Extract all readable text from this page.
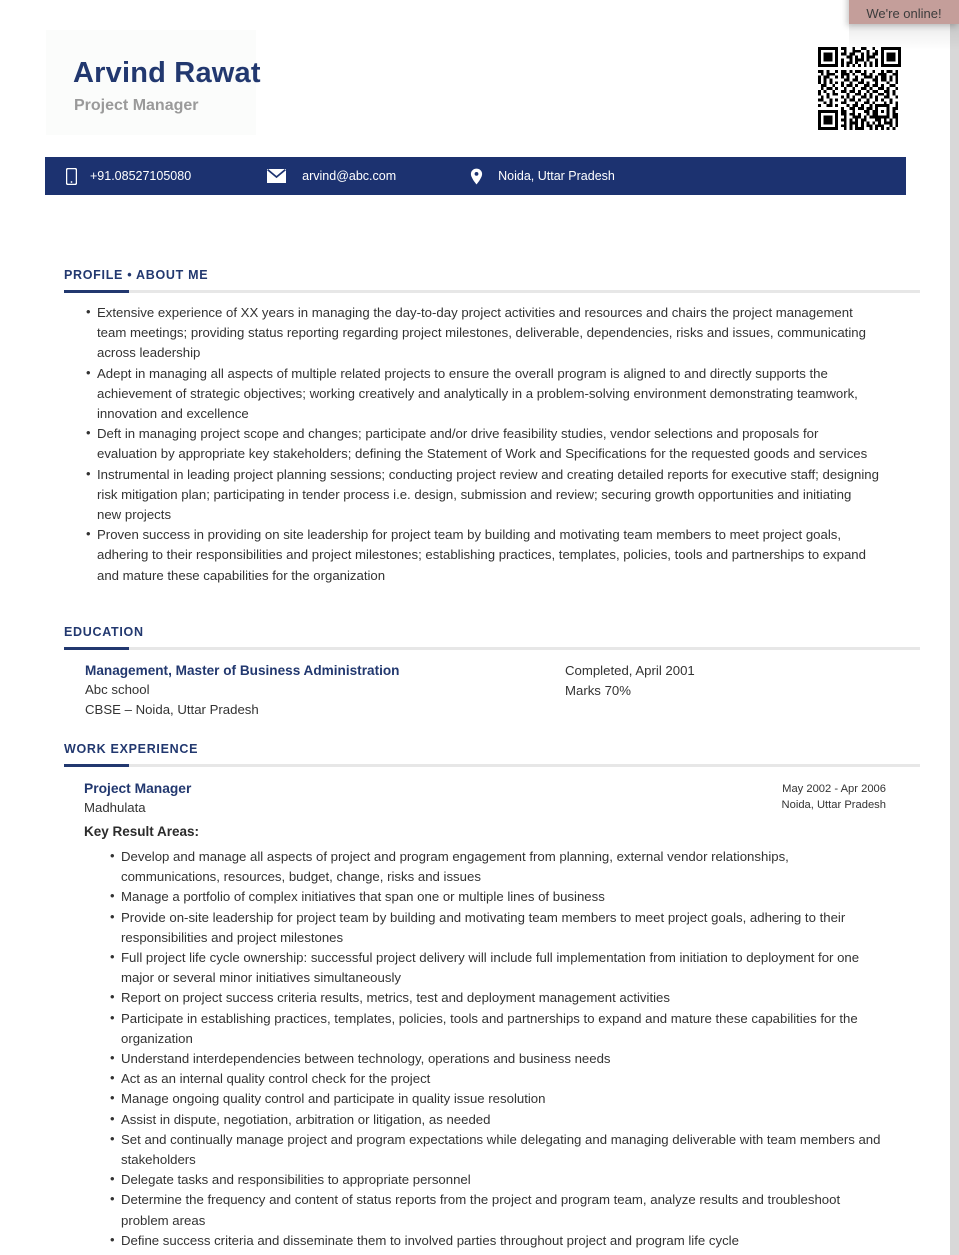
Arvind Rawat
Project Manager
+91.08527105080	arvind@abc.com	Noida, Uttar Pradesh
PROFILE • ABOUT ME
• Extensive experience of XX years in managing the day-to-day project activities and resources and chairs the project management team meetings; providing status reporting regarding project milestones, deliverable, dependencies, risks and issues, communicating across leadership
• Adept in managing all aspects of multiple related projects to ensure the overall program is aligned to and directly supports the achievement of strategic objectives; working creatively and analytically in a problem-solving environment demonstrating teamwork, innovation and excellence
• Deft in managing project scope and changes; participate and/or drive feasibility studies, vendor selections and proposals for evaluation by appropriate key stakeholders; defining the Statement of Work and Specifications for the requested goods and services
• Instrumental in leading project planning sessions; conducting project review and creating detailed reports for executive staff; designing risk mitigation plan; participating in tender process i.e. design, submission and review; securing growth opportunities and initiating new projects
• Proven success in providing on site leadership for project team by building and motivating team members to meet project goals, adhering to their responsibilities and project milestones; establishing practices, templates, policies, tools and partnerships to expand and mature these capabilities for the organization
EDUCATION
Management, Master of Business Administration
Abc school
CBSE – Noida, Uttar Pradesh
Completed, April 2001
Marks 70%
WORK EXPERIENCE
Project Manager
Madhulata
May 2002 - Apr 2006
Noida, Uttar Pradesh
Key Result Areas:
• Develop and manage all aspects of project and program engagement from planning, external vendor relationships, communications, resources, budget, change, risks and issues
• Manage a portfolio of complex initiatives that span one or multiple lines of business
• Provide on-site leadership for project team by building and motivating team members to meet project goals, adhering to their responsibilities and project milestones
• Full project life cycle ownership: successful project delivery will include full implementation from initiation to deployment for one major or several minor initiatives simultaneously
• Report on project success criteria results, metrics, test and deployment management activities
• Participate in establishing practices, templates, policies, tools and partnerships to expand and mature these capabilities for the organization
• Understand interdependencies between technology, operations and business needs
• Act as an internal quality control check for the project
• Manage ongoing quality control and participate in quality issue resolution
• Assist in dispute, negotiation, arbitration or litigation, as needed
• Set and continually manage project and program expectations while delegating and managing deliverable with team members and stakeholders
• Delegate tasks and responsibilities to appropriate personnel
• Determine the frequency and content of status reports from the project and program team, analyze results and troubleshoot problem areas
• Define success criteria and disseminate them to involved parties throughout project and program life cycle
We're online!
